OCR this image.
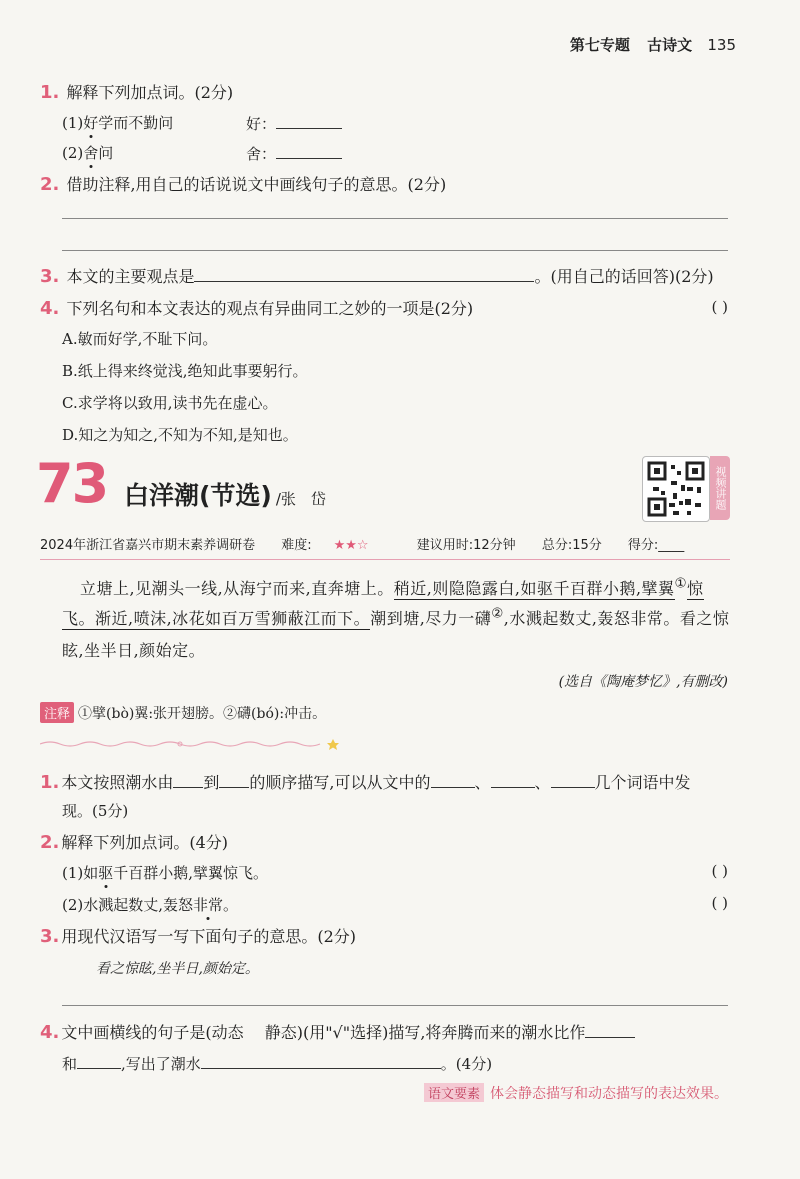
第七专题 古诗文 135
1. 解释下列加点词。(2分)
(1)好学而不勤问	好：
(2)舍问	舍：
2. 借助注释,用自己的话说说文中画线句子的意思。(2分)
3. 本文的主要观点是	。(用自己的话回答)(2分)
4. 下列名句和本文表达的观点有异曲同工之妙的一项是(2分)	( )
A.敏而好学,不耻下问。
B.纸上得来终觉浅,绝知此事要躬行。
C.求学将以致用,读书先在虚心。
D.知之为知之,不知为不知,是知也。
73 白洋潮(节选) /张　岱	视频讲题
2024年浙江省嘉兴市期末素养调研卷 难度: ★★☆	建议用时:12分钟 总分:15分 得分:____
立塘上,见潮头一线,从海宁而来,直奔塘上。稍近,则隐隐露白,如驱千百群小鹅,擘翼①惊
飞。渐近,喷沫,冰花如百万雪狮蔽江而下。潮到塘,尽力一礴②,水溅起数丈,轰怒非常。看之惊
眩,坐半日,颜始定。
(选自《陶庵梦忆》,有删改)
注释 ①擘(bò)翼:张开翅膀。②礴(bó):冲击。
1. 本文按照潮水由 到 的顺序描写,可以从文中的	、	、	几个词语中发
现。(5分)
2. 解释下列加点词。(4分)
(1)如驱千百群小鹅,擘翼惊飞。	( )
(2)水溅起数丈,轰怒非常。	( )
3. 用现代汉语写一写下面句子的意思。(2分)
看之惊眩,坐半日,颜始定。
4. 文中画横线的句子是(动态　 静态)(用"√"选择)描写,将奔腾而来的潮水比作
和	,写出了潮水	。(4分)
语文要素 体会静态描写和动态描写的表达效果。
